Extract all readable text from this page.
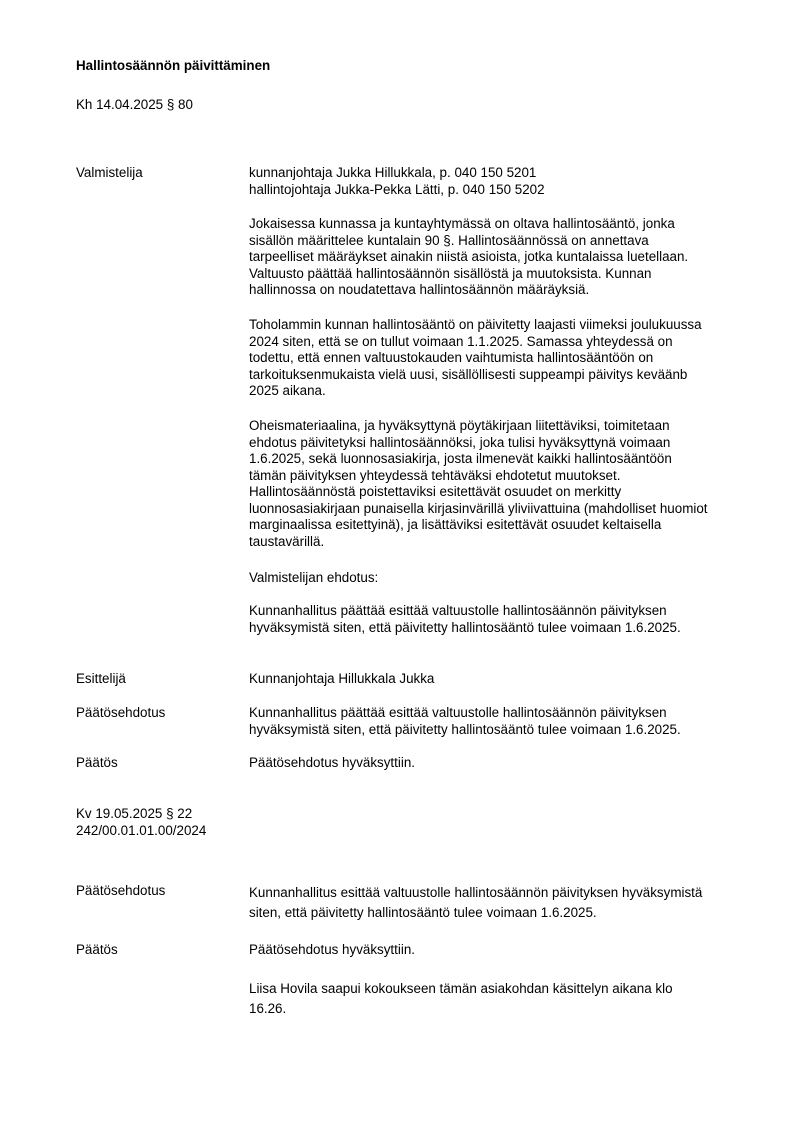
Hallintosäännön päivittäminen
Kh 14.04.2025 § 80
Valmistelija	kunnanjohtaja Jukka Hillukkala, p. 040 150 5201
hallintojohtaja Jukka-Pekka Lätti, p. 040 150 5202
Jokaisessa kunnassa ja kuntayhtymässä on oltava hallintosääntö, jonka
sisällön määrittelee kuntalain 90 §. Hallintosäännössä on annettava
tarpeelliset määräykset ainakin niistä asioista, jotka kuntalaissa luetellaan.
Valtuusto päättää hallintosäännön sisällöstä ja muutoksista. Kunnan
hallinnossa on noudatettava hallintosäännön määräyksiä.
Toholammin kunnan hallintosääntö on päivitetty laajasti viimeksi joulukuussa
2024 siten, että se on tullut voimaan 1.1.2025. Samassa yhteydessä on
todettu, että ennen valtuustokauden vaihtumista hallintosääntöön on
tarkoituksenmukaista vielä uusi, sisällöllisesti suppeampi päivitys keväänb
2025 aikana.
Oheismateriaalina, ja hyväksyttynä pöytäkirjaan liitettäviksi, toimitetaan
ehdotus päivitetyksi hallintosäännöksi, joka tulisi hyväksyttynä voimaan
1.6.2025, sekä luonnosasiakirja, josta ilmenevät kaikki hallintosääntöön
tämän päivityksen yhteydessä tehtäväksi ehdotetut muutokset.
Hallintosäännöstä poistettaviksi esitettävät osuudet on merkitty
luonnosasiakirjaan punaisella kirjasinvärillä yliviivattuina (mahdolliset huomiot
marginaalissa esitettyinä), ja lisättäviksi esitettävät osuudet keltaisella
taustavärillä.
Valmistelijan ehdotus:
Kunnanhallitus päättää esittää valtuustolle hallintosäännön päivityksen
hyväksymistä siten, että päivitetty hallintosääntö tulee voimaan 1.6.2025.
Esittelijä	Kunnanjohtaja Hillukkala Jukka
Päätösehdotus	Kunnanhallitus päättää esittää valtuustolle hallintosäännön päivityksen
hyväksymistä siten, että päivitetty hallintosääntö tulee voimaan 1.6.2025.
Päätös	Päätösehdotus hyväksyttiin.
Kv 19.05.2025 § 22
242/00.01.01.00/2024
Päätösehdotus	Kunnanhallitus esittää valtuustolle hallintosäännön päivityksen hyväksymistä
siten, että päivitetty hallintosääntö tulee voimaan 1.6.2025.
Päätös	Päätösehdotus hyväksyttiin.
Liisa Hovila saapui kokoukseen tämän asiakohdan käsittelyn aikana klo
16.26.
